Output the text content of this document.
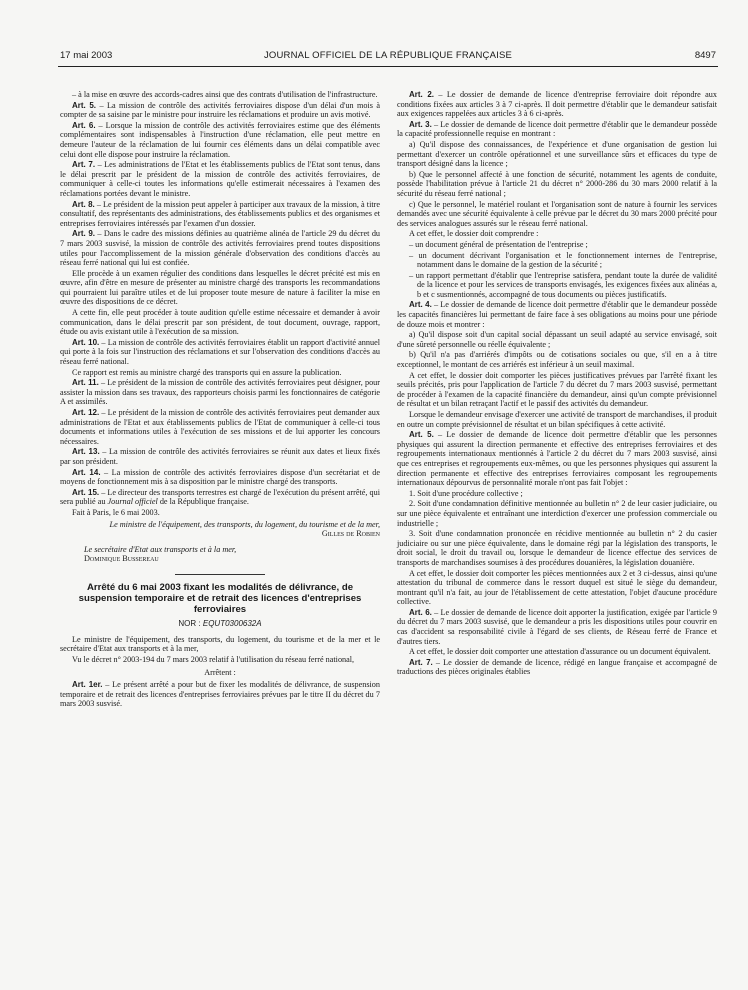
17 mai 2003	JOURNAL OFFICIEL DE LA RÉPUBLIQUE FRANÇAISE	8497

– à la mise en œuvre des accords-cadres ainsi que des contrats d'utilisation de l'infrastructure.

Art. 5. – La mission de contrôle des activités ferroviaires dispose d'un délai d'un mois à compter de sa saisine par le ministre pour instruire les réclamations et produire un avis motivé.

Art. 6. – Lorsque la mission de contrôle des activités ferroviaires estime que des éléments complémentaires sont indispensables à l'instruction d'une réclamation, elle peut mettre en demeure l'auteur de la réclamation de lui fournir ces éléments dans un délai compatible avec celui dont elle dispose pour instruire la réclamation.

Art. 7. – Les administrations de l'Etat et les établissements publics de l'Etat sont tenus, dans le délai prescrit par le président de la mission de contrôle des activités ferroviaires, de communiquer à celle-ci toutes les informations qu'elle estimerait nécessaires à l'examen des réclamations portées devant le ministre.

Art. 8. – Le président de la mission peut appeler à participer aux travaux de la mission, à titre consultatif, des représentants des administrations, des établissements publics et des organismes et entreprises ferroviaires intéressés par l'examen d'un dossier.

Art. 9. – Dans le cadre des missions définies au quatrième alinéa de l'article 29 du décret du 7 mars 2003 susvisé, la mission de contrôle des activités ferroviaires prend toutes dispositions utiles pour l'accomplissement de la mission générale d'observation des conditions d'accès au réseau ferré national qui lui est confiée.

Elle procède à un examen régulier des conditions dans lesquelles le décret précité est mis en œuvre, afin d'être en mesure de présenter au ministre chargé des transports les recommandations qui pourraient lui paraître utiles et de lui proposer toute mesure de nature à faciliter la mise en œuvre des dispositions de ce décret.

A cette fin, elle peut procéder à toute audition qu'elle estime nécessaire et demander à avoir communication, dans le délai prescrit par son président, de tout document, ouvrage, rapport, étude ou avis existant utile à l'exécution de sa mission.

Art. 10. – La mission de contrôle des activités ferroviaires établit un rapport d'activité annuel qui porte à la fois sur l'instruction des réclamations et sur l'observation des conditions d'accès au réseau ferré national.

Ce rapport est remis au ministre chargé des transports qui en assure la publication.

Art. 11. – Le président de la mission de contrôle des activités ferroviaires peut désigner, pour assister la mission dans ses travaux, des rapporteurs choisis parmi les fonctionnaires de catégorie A et assimilés.

Art. 12. – Le président de la mission de contrôle des activités ferroviaires peut demander aux administrations de l'Etat et aux établissements publics de l'Etat de communiquer à celle-ci tous documents et informations utiles à l'exécution de ses missions et de lui apporter les concours nécessaires.

Art. 13. – La mission de contrôle des activités ferroviaires se réunit aux dates et lieux fixés par son président.

Art. 14. – La mission de contrôle des activités ferroviaires dispose d'un secrétariat et de moyens de fonctionnement mis à sa disposition par le ministre chargé des transports.

Art. 15. – Le directeur des transports terrestres est chargé de l'exécution du présent arrêté, qui sera publié au Journal officiel de la République française.

Fait à Paris, le 6 mai 2003.

Le ministre de l'équipement, des transports, du logement, du tourisme et de la mer,
Gilles de Robien
Le secrétaire d'Etat aux transports et à la mer,
Dominique Bussereau
Arrêté du 6 mai 2003 fixant les modalités de délivrance, de suspension temporaire et de retrait des licences d'entreprises ferroviaires
NOR : EQUT0300632A

Le ministre de l'équipement, des transports, du logement, du tourisme et de la mer et le secrétaire d'Etat aux transports et à la mer,

Vu le décret n° 2003-194 du 7 mars 2003 relatif à l'utilisation du réseau ferré national,

Arrêtent :

Art. 1er. – Le présent arrêté a pour but de fixer les modalités de délivrance, de suspension temporaire et de retrait des licences d'entreprises ferroviaires prévues par le titre II du décret du 7 mars 2003 susvisé.

Art. 2. – Le dossier de demande de licence d'entreprise ferroviaire doit répondre aux conditions fixées aux articles 3 à 7 ci-après. Il doit permettre d'établir que le demandeur satisfait aux exigences rappelées aux articles 3 à 6 ci-après.

Art. 3. – Le dossier de demande de licence doit permettre d'établir que le demandeur possède la capacité professionnelle requise en montrant :

a) Qu'il dispose des connaissances, de l'expérience et d'une organisation de gestion lui permettant d'exercer un contrôle opérationnel et une surveillance sûrs et efficaces du type de transport désigné dans la licence ;

b) Que le personnel affecté à une fonction de sécurité, notamment les agents de conduite, possède l'habilitation prévue à l'article 21 du décret n° 2000-286 du 30 mars 2000 relatif à la sécurité du réseau ferré national ;

c) Que le personnel, le matériel roulant et l'organisation sont de nature à fournir les services demandés avec une sécurité équivalente à celle prévue par le décret du 30 mars 2000 précité pour des services analogues assurés sur le réseau ferré national.

A cet effet, le dossier doit comprendre :

– un document général de présentation de l'entreprise ;

– un document décrivant l'organisation et le fonctionnement internes de l'entreprise, notamment dans le domaine de la gestion de la sécurité ;

– un rapport permettant d'établir que l'entreprise satisfera, pendant toute la durée de validité de la licence et pour les services de transports envisagés, les exigences fixées aux alinéas a, b et c susmentionnés, accompagné de tous documents ou pièces justificatifs.

Art. 4. – Le dossier de demande de licence doit permettre d'établir que le demandeur possède les capacités financières lui permettant de faire face à ses obligations au moins pour une période de douze mois et montrer :

a) Qu'il dispose soit d'un capital social dépassant un seuil adapté au service envisagé, soit d'une sûreté personnelle ou réelle équivalente ;

b) Qu'il n'a pas d'arriérés d'impôts ou de cotisations sociales ou que, s'il en a à titre exceptionnel, le montant de ces arriérés est inférieur à un seuil maximal.

A cet effet, le dossier doit comporter les pièces justificatives prévues par l'arrêté fixant les seuils précités, pris pour l'application de l'article 7 du décret du 7 mars 2003 susvisé, permettant de procéder à l'examen de la capacité financière du demandeur, ainsi qu'un compte prévisionnel de résultat et un bilan retraçant l'actif et le passif des activités du demandeur.

Lorsque le demandeur envisage d'exercer une activité de transport de marchandises, il produit en outre un compte prévisionnel de résultat et un bilan spécifiques à cette activité.

Art. 5. – Le dossier de demande de licence doit permettre d'établir que les personnes physiques qui assurent la direction permanente et effective des entreprises ferroviaires et des regroupements internationaux mentionnés à l'article 2 du décret du 7 mars 2003 susvisé, ainsi que ces entreprises et regroupements eux-mêmes, ou que les personnes physiques qui assurent la direction permanente et effective des entreprises ferroviaires composant les regroupements internationaux dépourvus de personnalité morale n'ont pas fait l'objet :

1. Soit d'une procédure collective ;

2. Soit d'une condamnation définitive mentionnée au bulletin n° 2 de leur casier judiciaire, ou sur une pièce équivalente et entraînant une interdiction d'exercer une profession commerciale ou industrielle ;

3. Soit d'une condamnation prononcée en récidive mentionnée au bulletin n° 2 du casier judiciaire ou sur une pièce équivalente, dans le domaine régi par la législation des transports, le droit social, le droit du travail ou, lorsque le demandeur de licence effectue des services de transports de marchandises soumises à des procédures douanières, la législation douanière.

A cet effet, le dossier doit comporter les pièces mentionnées aux 2 et 3 ci-dessus, ainsi qu'une attestation du tribunal de commerce dans le ressort duquel est situé le siège du demandeur, montrant qu'il n'a fait, au jour de l'établissement de cette attestation, l'objet d'aucune procédure collective.

Art. 6. – Le dossier de demande de licence doit apporter la justification, exigée par l'article 9 du décret du 7 mars 2003 susvisé, que le demandeur a pris les dispositions utiles pour couvrir en cas d'accident sa responsabilité civile à l'égard de ses clients, de Réseau ferré de France et d'autres tiers.

A cet effet, le dossier doit comporter une attestation d'assurance ou un document équivalent.

Art. 7. – Le dossier de demande de licence, rédigé en langue française et accompagné de traductions des pièces originales établies
